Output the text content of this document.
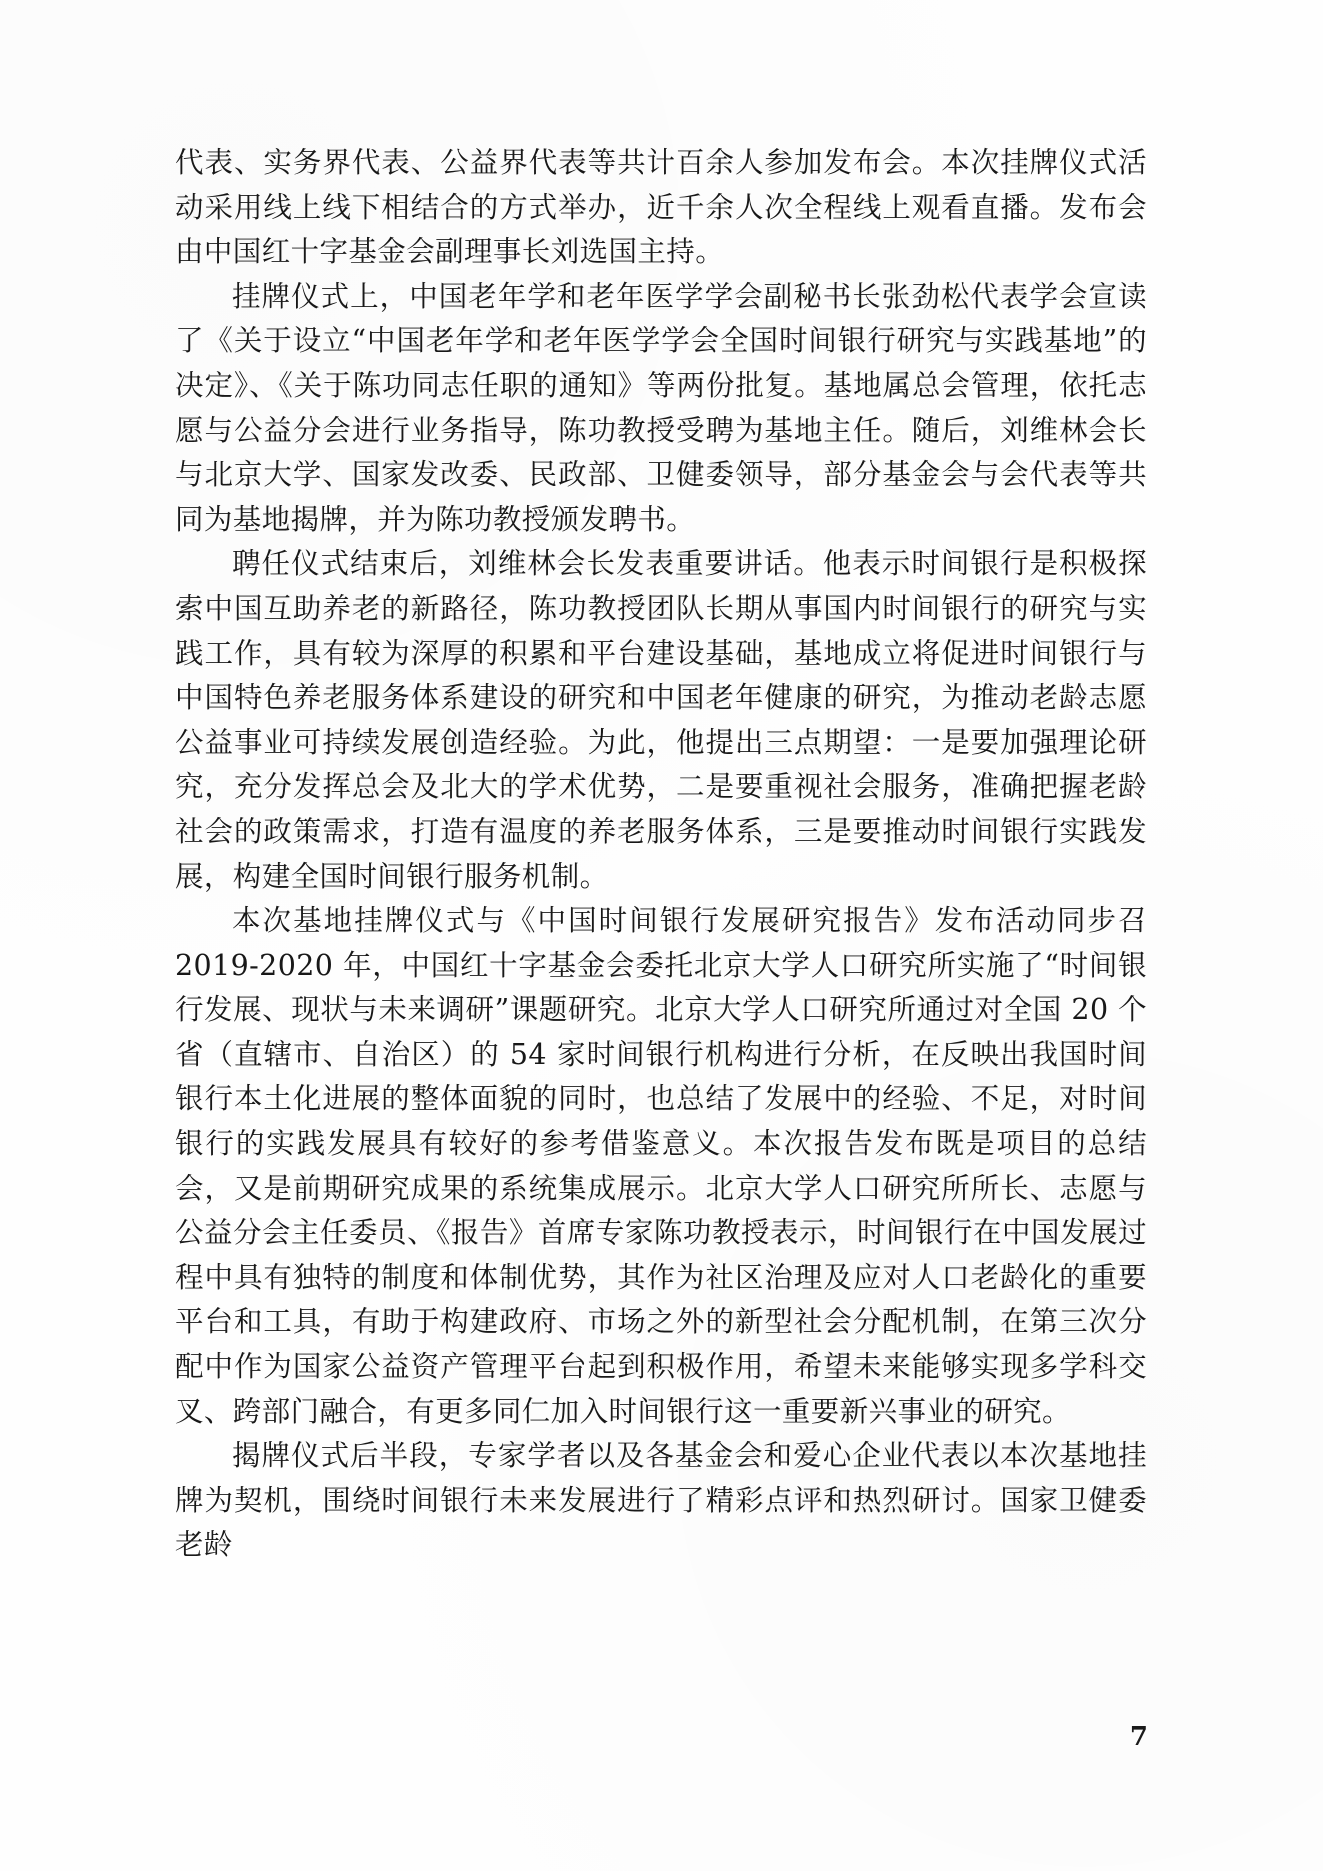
代表、实务界代表、公益界代表等共计百余人参加发布会。本次挂牌仪式活动采用线上线下相结合的方式举办，近千余人次全程线上观看直播。发布会由中国红十字基金会副理事长刘选国主持。

挂牌仪式上，中国老年学和老年医学学会副秘书长张劲松代表学会宣读了《关于设立“中国老年学和老年医学学会全国时间银行研究与实践基地”的决定》、《关于陈功同志任职的通知》等两份批复。基地属总会管理，依托志愿与公益分会进行业务指导，陈功教授受聘为基地主任。随后，刘维林会长与北京大学、国家发改委、民政部、卫健委领导，部分基金会与会代表等共同为基地揭牌，并为陈功教授颁发聘书。

聘任仪式结束后，刘维林会长发表重要讲话。他表示时间银行是积极探索中国互助养老的新路径，陈功教授团队长期从事国内时间银行的研究与实践工作，具有较为深厚的积累和平台建设基础，基地成立将促进时间银行与中国特色养老服务体系建设的研究和中国老年健康的研究，为推动老龄志愿公益事业可持续发展创造经验。为此，他提出三点期望：一是要加强理论研究，充分发挥总会及北大的学术优势，二是要重视社会服务，准确把握老龄社会的政策需求，打造有温度的养老服务体系，三是要推动时间银行实践发展，构建全国时间银行服务机制。

本次基地挂牌仪式与《中国时间银行发展研究报告》发布活动同步召2019-2020 年，中国红十字基金会委托北京大学人口研究所实施了“时间银行发展、现状与未来调研”课题研究。北京大学人口研究所通过对全国 20 个省（直辖市、自治区）的 54 家时间银行机构进行分析，在反映出我国时间银行本土化进展的整体面貌的同时，也总结了发展中的经验、不足，对时间银行的实践发展具有较好的参考借鉴意义。本次报告发布既是项目的总结会，又是前期研究成果的系统集成展示。北京大学人口研究所所长、志愿与公益分会主任委员、《报告》首席专家陈功教授表示，时间银行在中国发展过程中具有独特的制度和体制优势，其作为社区治理及应对人口老龄化的重要平台和工具，有助于构建政府、市场之外的新型社会分配机制，在第三次分配中作为国家公益资产管理平台起到积极作用，希望未来能够实现多学科交叉、跨部门融合，有更多同仁加入时间银行这一重要新兴事业的研究。

揭牌仪式后半段，专家学者以及各基金会和爱心企业代表以本次基地挂牌为契机，围绕时间银行未来发展进行了精彩点评和热烈研讨。国家卫健委老龄

7
